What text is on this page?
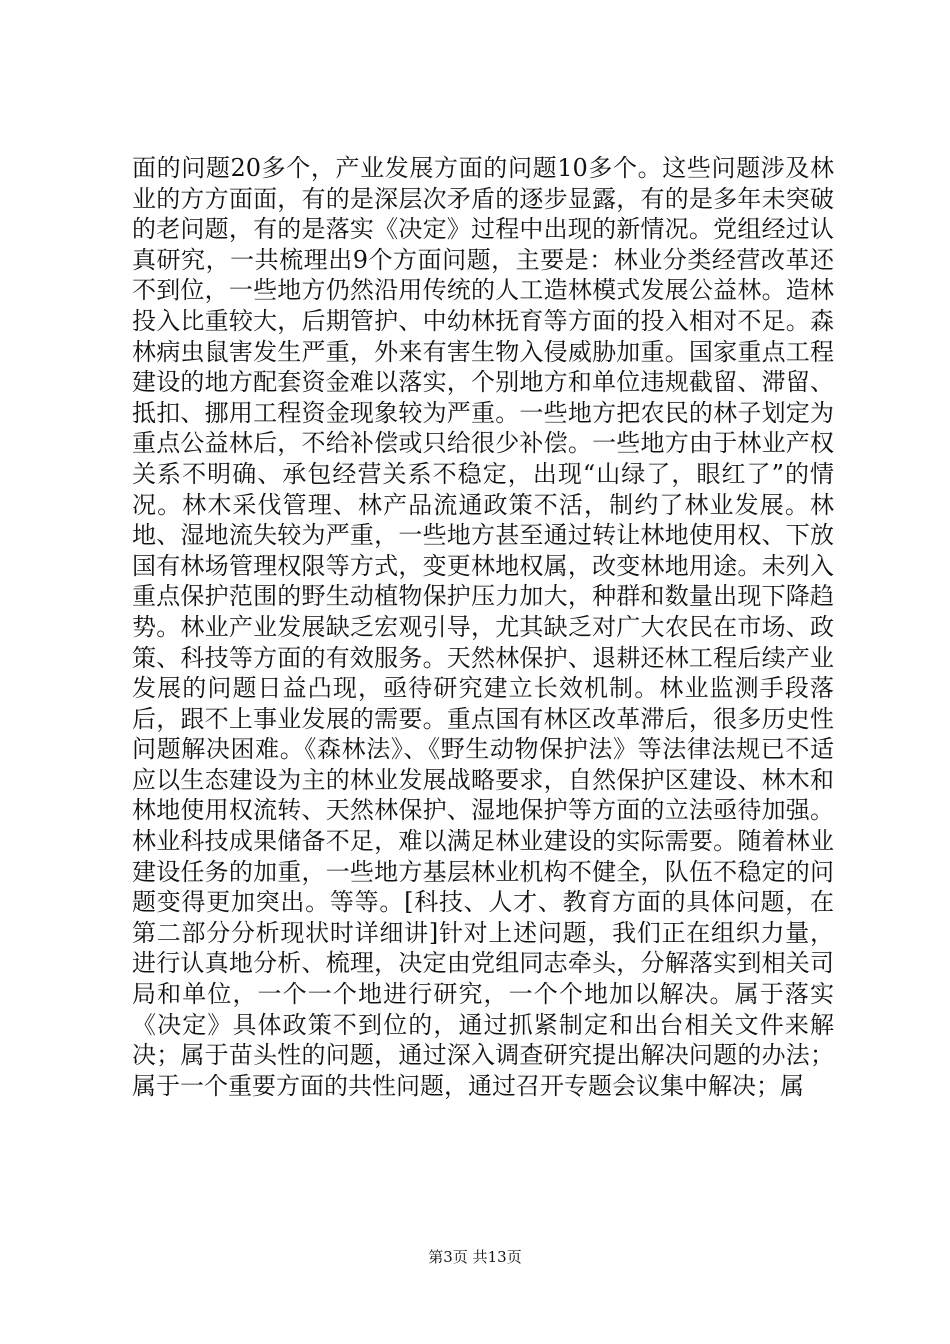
面的问题20多个，产业发展方面的问题10多个。这些问题涉及林业的方方面面，有的是深层次矛盾的逐步显露，有的是多年未突破的老问题，有的是落实《决定》过程中出现的新情况。党组经过认真研究，一共梳理出9个方面问题，主要是：林业分类经营改革还不到位，一些地方仍然沿用传统的人工造林模式发展公益林。造林投入比重较大，后期管护、中幼林抚育等方面的投入相对不足。森林病虫鼠害发生严重，外来有害生物入侵威胁加重。国家重点工程建设的地方配套资金难以落实，个别地方和单位违规截留、滞留、抵扣、挪用工程资金现象较为严重。一些地方把农民的林子划定为重点公益林后，不给补偿或只给很少补偿。一些地方由于林业产权关系不明确、承包经营关系不稳定，出现“山绿了，眼红了”的情况。林木采伐管理、林产品流通政策不活，制约了林业发展。林地、湿地流失较为严重，一些地方甚至通过转让林地使用权、下放国有林场管理权限等方式，变更林地权属，改变林地用途。未列入重点保护范围的野生动植物保护压力加大，种群和数量出现下降趋势。林业产业发展缺乏宏观引导，尤其缺乏对广大农民在市场、政策、科技等方面的有效服务。天然林保护、退耕还林工程后续产业发展的问题日益凸现，亟待研究建立长效机制。林业监测手段落后，跟不上事业发展的需要。重点国有林区改革滞后，很多历史性问题解决困难。《森林法》、《野生动物保护法》等法律法规已不适应以生态建设为主的林业发展战略要求，自然保护区建设、林木和林地使用权流转、天然林保护、湿地保护等方面的立法亟待加强。林业科技成果储备不足，难以满足林业建设的实际需要。随着林业建设任务的加重，一些地方基层林业机构不健全，队伍不稳定的问题变得更加突出。等等。[科技、人才、教育方面的具体问题，在第二部分分析现状时详细讲]针对上述问题，我们正在组织力量，进行认真地分析、梳理，决定由党组同志牵头，分解落实到相关司局和单位，一个一个地进行研究，一个个地加以解决。属于落实《决定》具体政策不到位的，通过抓紧制定和出台相关文件来解决；属于苗头性的问题，通过深入调查研究提出解决问题的办法；属于一个重要方面的共性问题，通过召开专题会议集中解决；属

第3页 共13页
